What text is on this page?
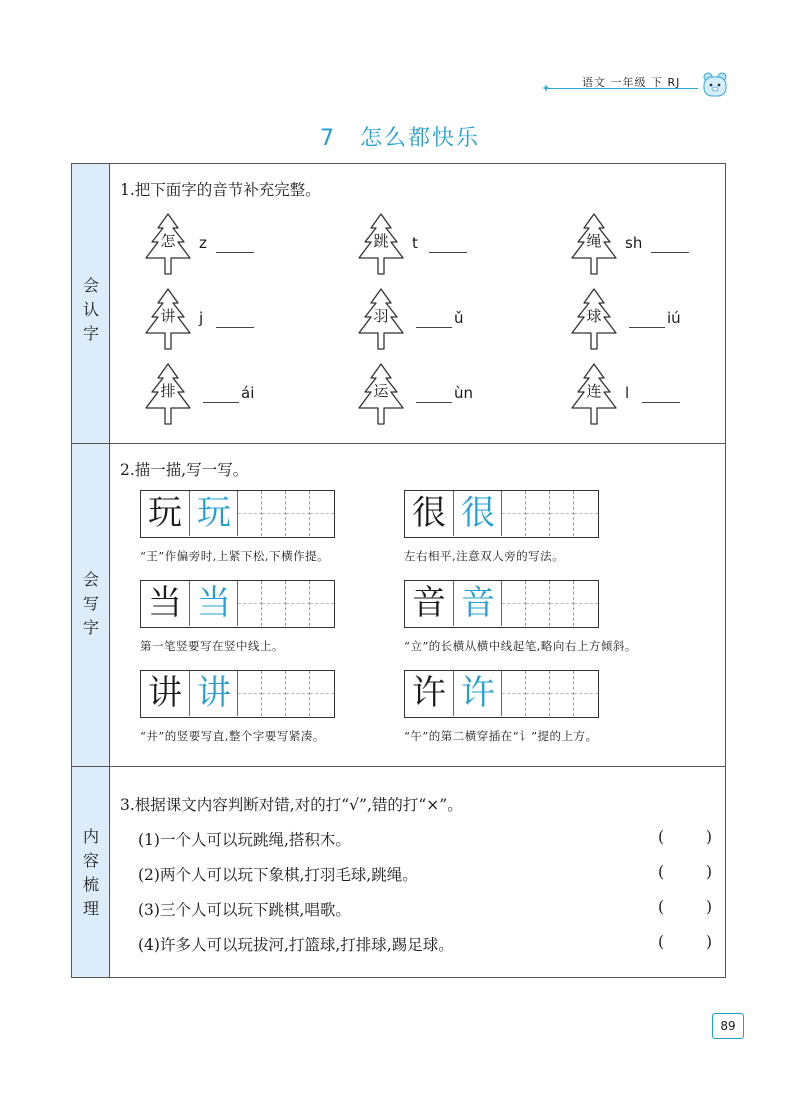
语文 一年级 下 RJ
7　怎么都快乐
会
认
字
会
写
字
内
容
梳
理
1.把下面字的音节补充完整。
怎	z	跳	t	绳	sh
讲	j	羽	ǔ	球	iú
排	ái	运	ùn	连	l
2.描一描,写一写。
玩 玩
“王”作偏旁时,上紧下松,下横作提。
很 很
左右相平,注意双人旁的写法。
当 当
第一笔竖要写在竖中线上。
音 音
“立”的长横从横中线起笔,略向右上方倾斜。
讲 讲
“井”的竖要写直,整个字要写紧凑。
许 许
“午”的第二横穿插在“讠”提的上方。
3.根据课文内容判断对错,对的打“√”,错的打“×”。
(1)一个人可以玩跳绳,搭积木。	(	)
(2)两个人可以玩下象棋,打羽毛球,跳绳。	(	)
(3)三个人可以玩下跳棋,唱歌。	(	)
(4)许多人可以玩拔河,打篮球,打排球,踢足球。	(	)
89
